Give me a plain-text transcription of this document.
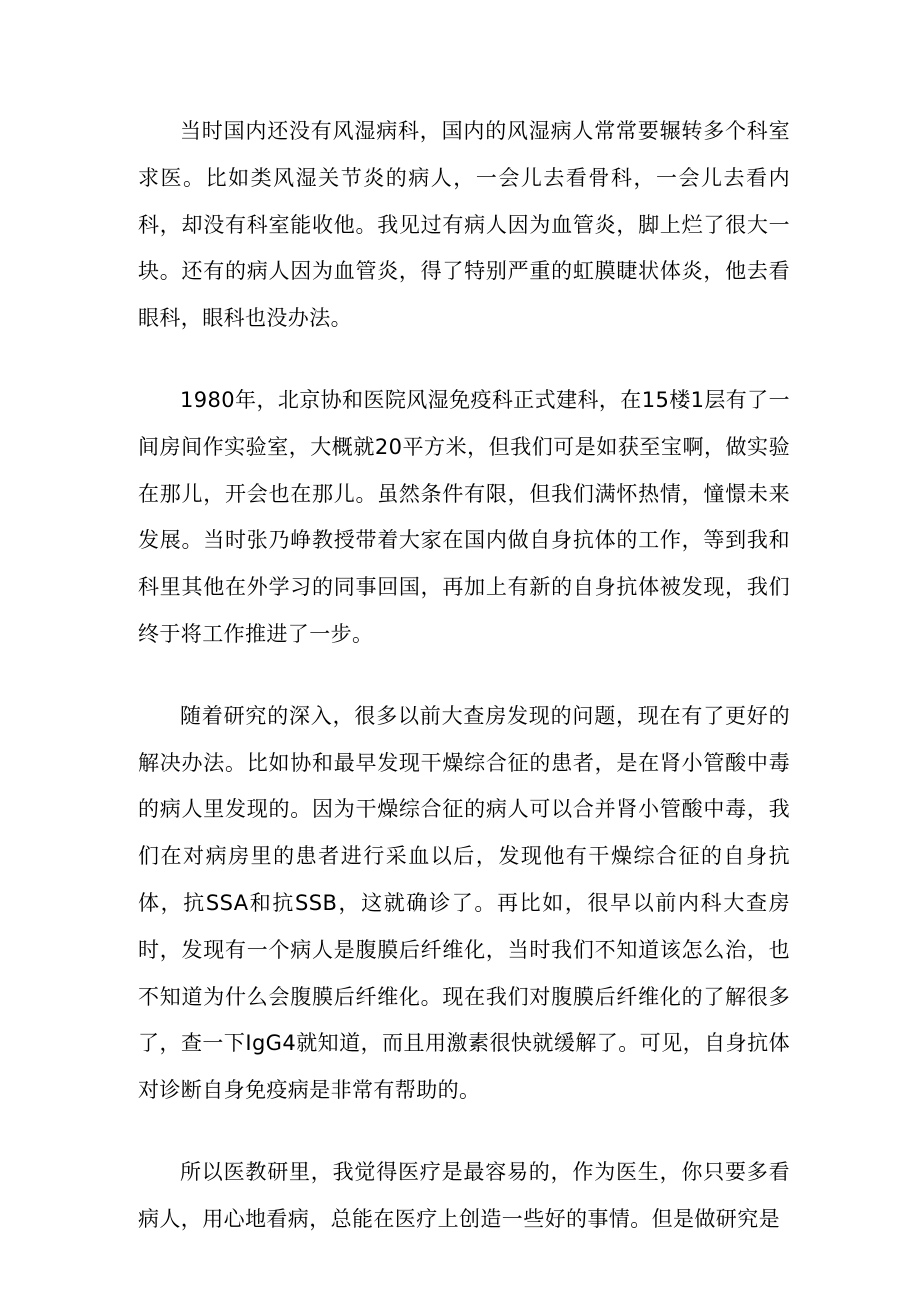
当时国内还没有风湿病科，国内的风湿病人常常要辗转多个科室求医。比如类风湿关节炎的病人，一会儿去看骨科，一会儿去看内科，却没有科室能收他。我见过有病人因为血管炎，脚上烂了很大一块。还有的病人因为血管炎，得了特别严重的虹膜睫状体炎，他去看眼科，眼科也没办法。

1980年，北京协和医院风湿免疫科正式建科，在15楼1层有了一间房间作实验室，大概就20平方米，但我们可是如获至宝啊，做实验在那儿，开会也在那儿。虽然条件有限，但我们满怀热情，憧憬未来发展。当时张乃峥教授带着大家在国内做自身抗体的工作，等到我和科里其他在外学习的同事回国，再加上有新的自身抗体被发现，我们终于将工作推进了一步。

随着研究的深入，很多以前大查房发现的问题，现在有了更好的解决办法。比如协和最早发现干燥综合征的患者，是在肾小管酸中毒的病人里发现的。因为干燥综合征的病人可以合并肾小管酸中毒，我们在对病房里的患者进行采血以后，发现他有干燥综合征的自身抗体，抗SSA和抗SSB，这就确诊了。再比如，很早以前内科大查房时，发现有一个病人是腹膜后纤维化，当时我们不知道该怎么治，也不知道为什么会腹膜后纤维化。现在我们对腹膜后纤维化的了解很多了，查一下IgG4就知道，而且用激素很快就缓解了。可见，自身抗体对诊断自身免疫病是非常有帮助的。

所以医教研里，我觉得医疗是最容易的，作为医生，你只要多看病人，用心地看病，总能在医疗上创造一些好的事情。但是做研究是
